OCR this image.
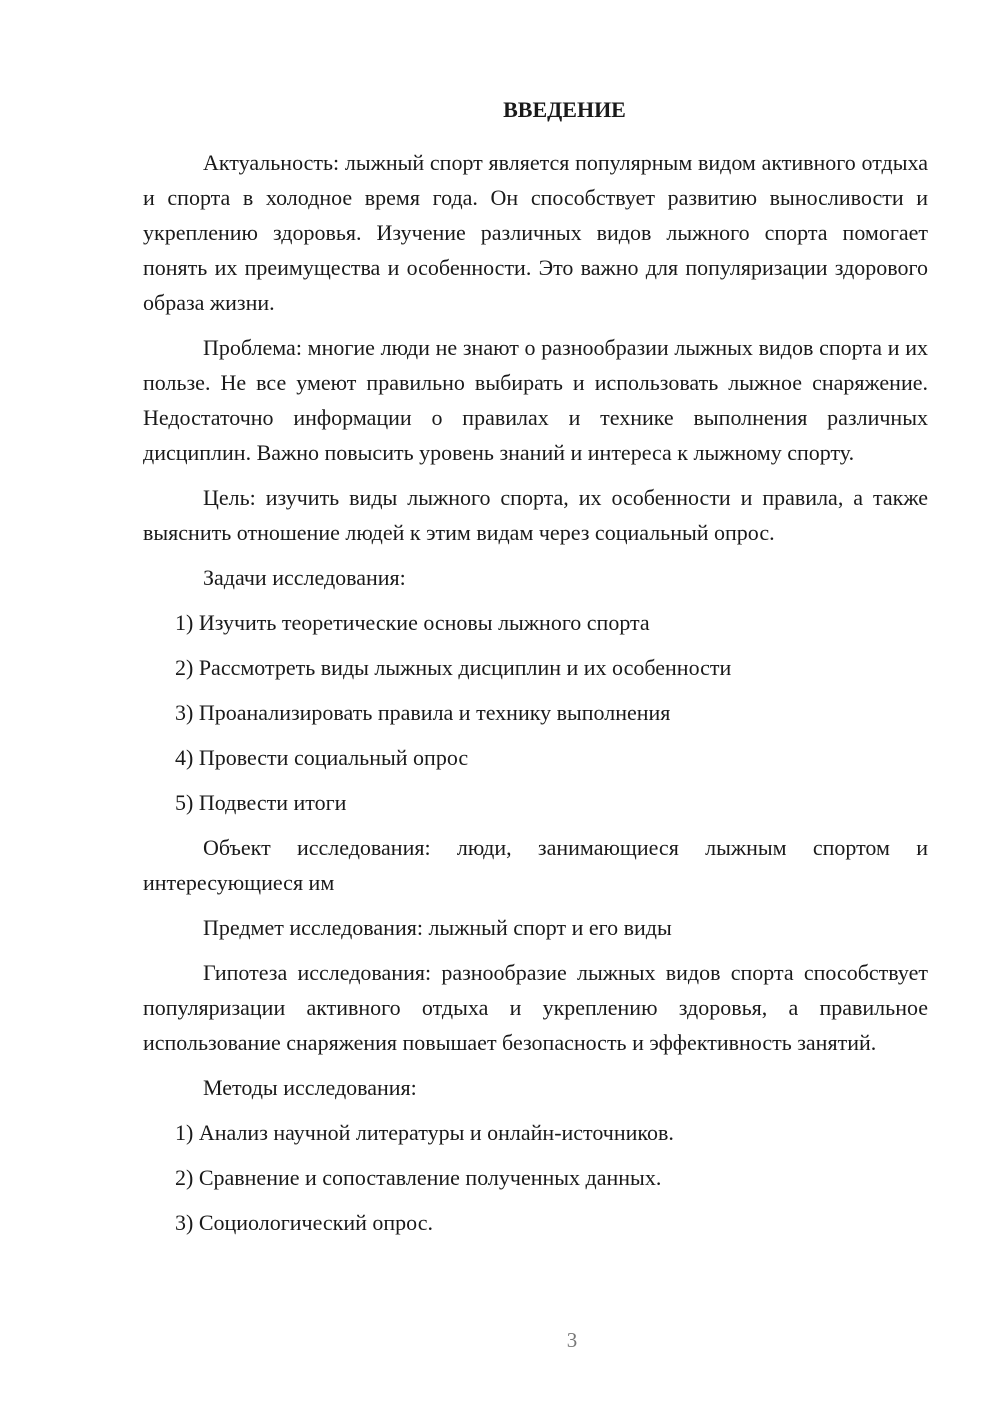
ВВЕДЕНИЕ

Актуальность: лыжный спорт является популярным видом активного отдыха и спорта в холодное время года. Он способствует развитию выносливости и укреплению здоровья. Изучение различных видов лыжного спорта помогает понять их преимущества и особенности. Это важно для популяризации здорового образа жизни.

Проблема: многие люди не знают о разнообразии лыжных видов спорта и их пользе. Не все умеют правильно выбирать и использовать лыжное снаряжение. Недостаточно информации о правилах и технике выполнения различных дисциплин. Важно повысить уровень знаний и интереса к лыжному спорту.

Цель: изучить виды лыжного спорта, их особенности и правила, а также выяснить отношение людей к этим видам через социальный опрос.

Задачи исследования:

1) Изучить теоретические основы лыжного спорта

2) Рассмотреть виды лыжных дисциплин и их особенности

3) Проанализировать правила и технику выполнения

4) Провести социальный опрос

5) Подвести итоги

Объект исследования: люди, занимающиеся лыжным спортом и интересующиеся им

Предмет исследования: лыжный спорт и его виды

Гипотеза исследования: разнообразие лыжных видов спорта способствует популяризации активного отдыха и укреплению здоровья, а правильное использование снаряжения повышает безопасность и эффективность занятий.

Методы исследования:

1) Анализ научной литературы и онлайн-источников.

2) Сравнение и сопоставление полученных данных.

3) Социологический опрос.

3
